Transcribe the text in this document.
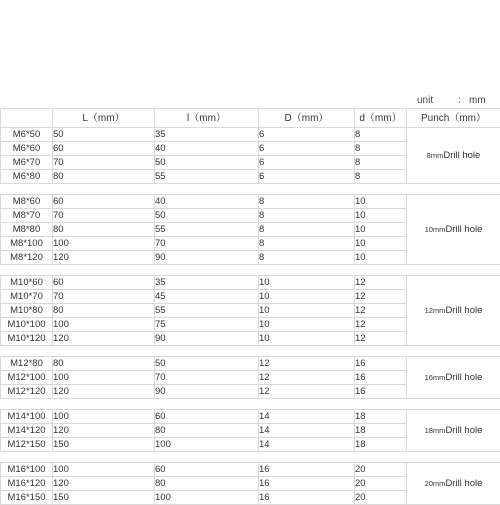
unit : mm
	L（mm）	l（mm）	D（mm）	d（mm）	Punch（mm）
M6*50	50	35	6	8	8mmDrill hole
M6*60	60	40	6	8	
M6*70	70	50	6	8	
M6*80	80	55	6	8	

M8*60	60	40	8	10	10mmDrill hole
M8*70	70	50	8	10	
M8*80	80	55	8	10	
M8*100	100	70	8	10	
M8*120	120	90	8	10	

M10*60	60	35	10	12	12mmDrill hole
M10*70	70	45	10	12	
M10*80	80	55	10	12	
M10*100	100	75	10	12	
M10*120	120	90	10	12	

M12*80	80	50	12	16	16mmDrill hole
M12*100	100	70	12	16	
M12*120	120	90	12	16	

M14*100	100	60	14	18	18mmDrill hole
M14*120	120	80	14	18	
M12*150	150	100	14	18	

M16*100	100	60	16	20	20mmDrill hole
M16*120	120	80	16	20	
M16*150	150	100	16	20	
